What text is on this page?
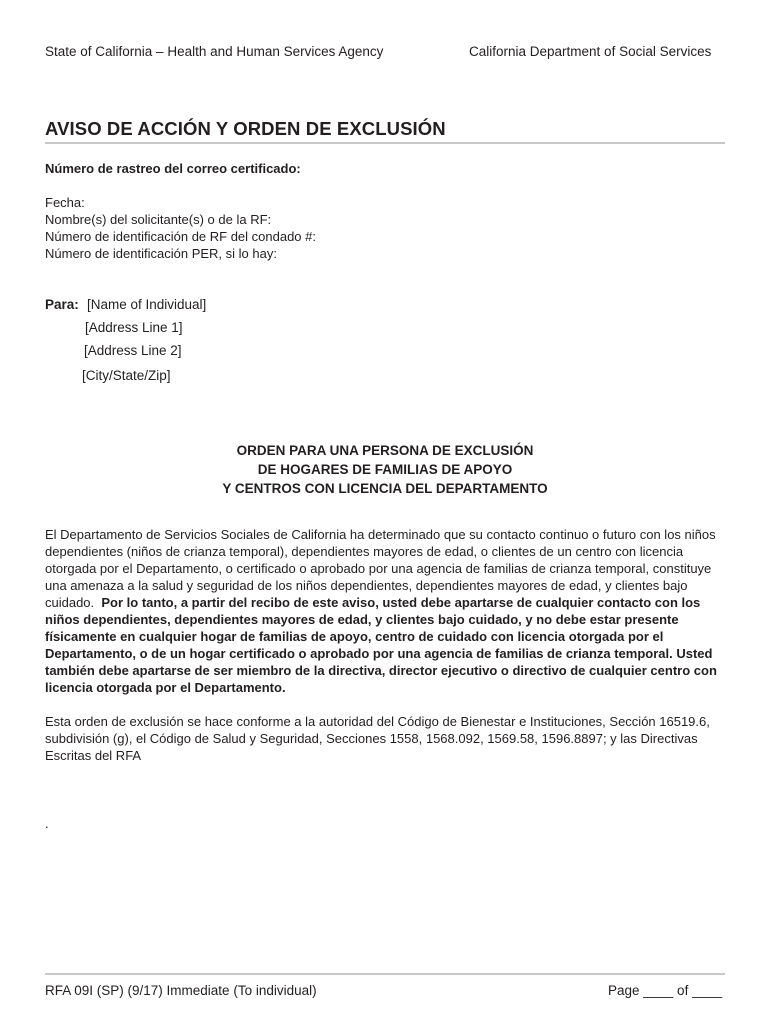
State of California – Health and Human Services Agency	California Department of Social Services
AVISO DE ACCIÓN Y ORDEN DE EXCLUSIÓN
Número de rastreo del correo certificado:
Fecha:
Nombre(s) del solicitante(s) o de la RF:
Número de identificación de RF del condado #:
Número de identificación PER, si lo hay:
Para: [Name of Individual]
[Address Line 1]
[Address Line 2]
[City/State/Zip]
ORDEN PARA UNA PERSONA DE EXCLUSIÓN
DE HOGARES DE FAMILIAS DE APOYO
Y CENTROS CON LICENCIA DEL DEPARTAMENTO
El Departamento de Servicios Sociales de California ha determinado que su contacto continuo o futuro con los niños dependientes (niños de crianza temporal), dependientes mayores de edad, o clientes de un centro con licencia otorgada por el Departamento, o certificado o aprobado por una agencia de familias de crianza temporal, constituye una amenaza a la salud y seguridad de los niños dependientes, dependientes mayores de edad, y clientes bajo cuidado. Por lo tanto, a partir del recibo de este aviso, usted debe apartarse de cualquier contacto con los niños dependientes, dependientes mayores de edad, y clientes bajo cuidado, y no debe estar presente físicamente en cualquier hogar de familias de apoyo, centro de cuidado con licencia otorgada por el Departamento, o de un hogar certificado o aprobado por una agencia de familias de crianza temporal. Usted también debe apartarse de ser miembro de la directiva, director ejecutivo o directivo de cualquier centro con licencia otorgada por el Departamento.
Esta orden de exclusión se hace conforme a la autoridad del Código de Bienestar e Instituciones, Sección 16519.6, subdivisión (g), el Código de Salud y Seguridad, Secciones 1558, 1568.092, 1569.58, 1596.8897; y las Directivas Escritas del RFA
.
RFA 09I (SP) (9/17) Immediate (To individual)	Page ____ of ____
